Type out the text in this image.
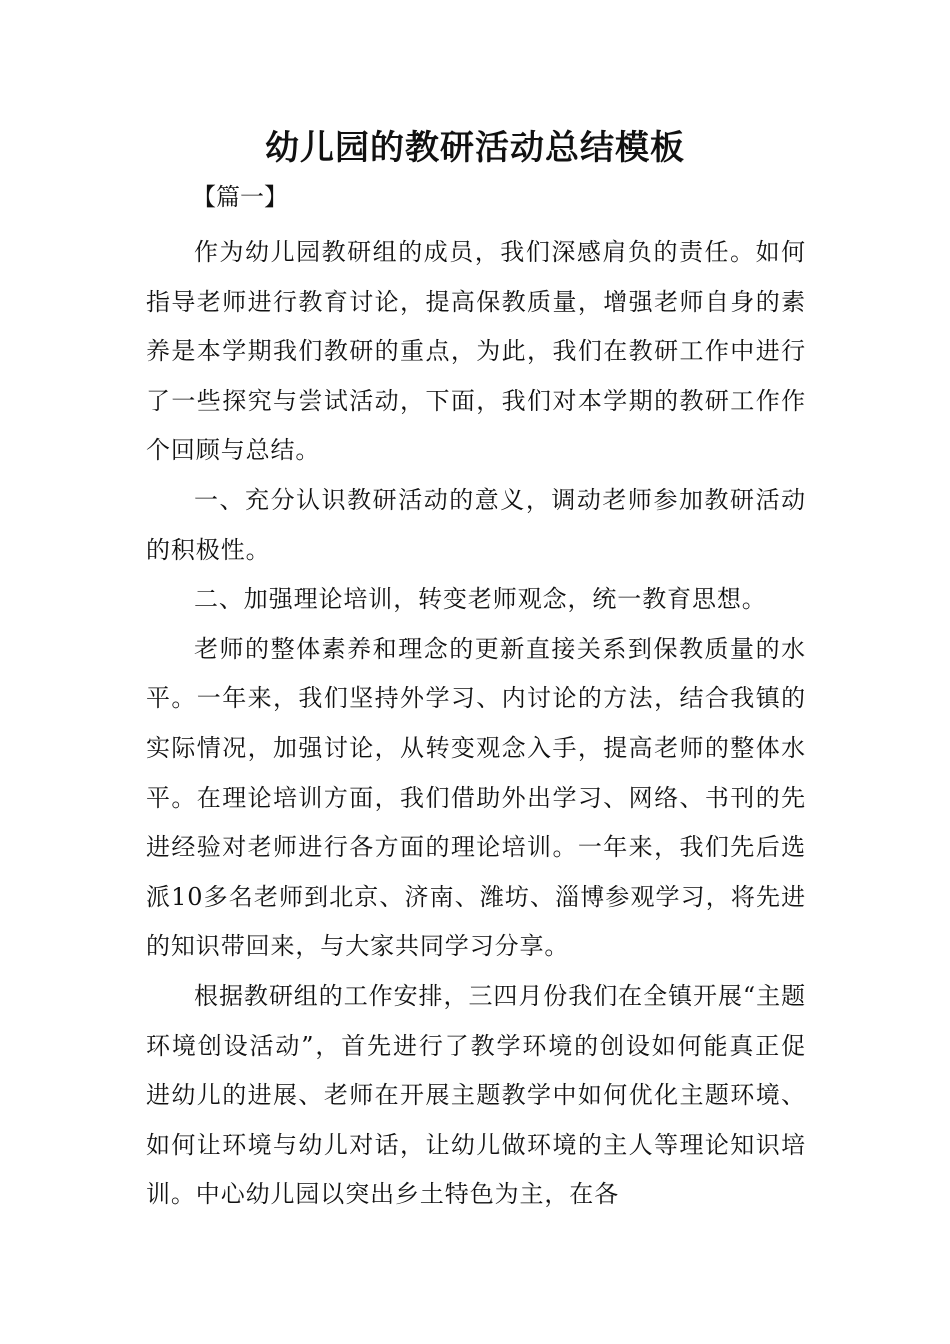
幼儿园的教研活动总结模板
【篇一】

作为幼儿园教研组的成员，我们深感肩负的责任。如何指导老师进行教育讨论，提高保教质量，增强老师自身的素养是本学期我们教研的重点，为此，我们在教研工作中进行了一些探究与尝试活动，下面，我们对本学期的教研工作作个回顾与总结。

一、充分认识教研活动的意义，调动老师参加教研活动的积极性。

二、加强理论培训，转变老师观念，统一教育思想。

老师的整体素养和理念的更新直接关系到保教质量的水平。一年来，我们坚持外学习、内讨论的方法，结合我镇的实际情况，加强讨论，从转变观念入手，提高老师的整体水平。在理论培训方面，我们借助外出学习、网络、书刊的先进经验对老师进行各方面的理论培训。一年来，我们先后选派10多名老师到北京、济南、潍坊、淄博参观学习，将先进的知识带回来，与大家共同学习分享。

根据教研组的工作安排，三四月份我们在全镇开展“主题环境创设活动”，首先进行了教学环境的创设如何能真正促进幼儿的进展、老师在开展主题教学中如何优化主题环境、如何让环境与幼儿对话，让幼儿做环境的主人等理论知识培训。中心幼儿园以突出乡土特色为主，在各
